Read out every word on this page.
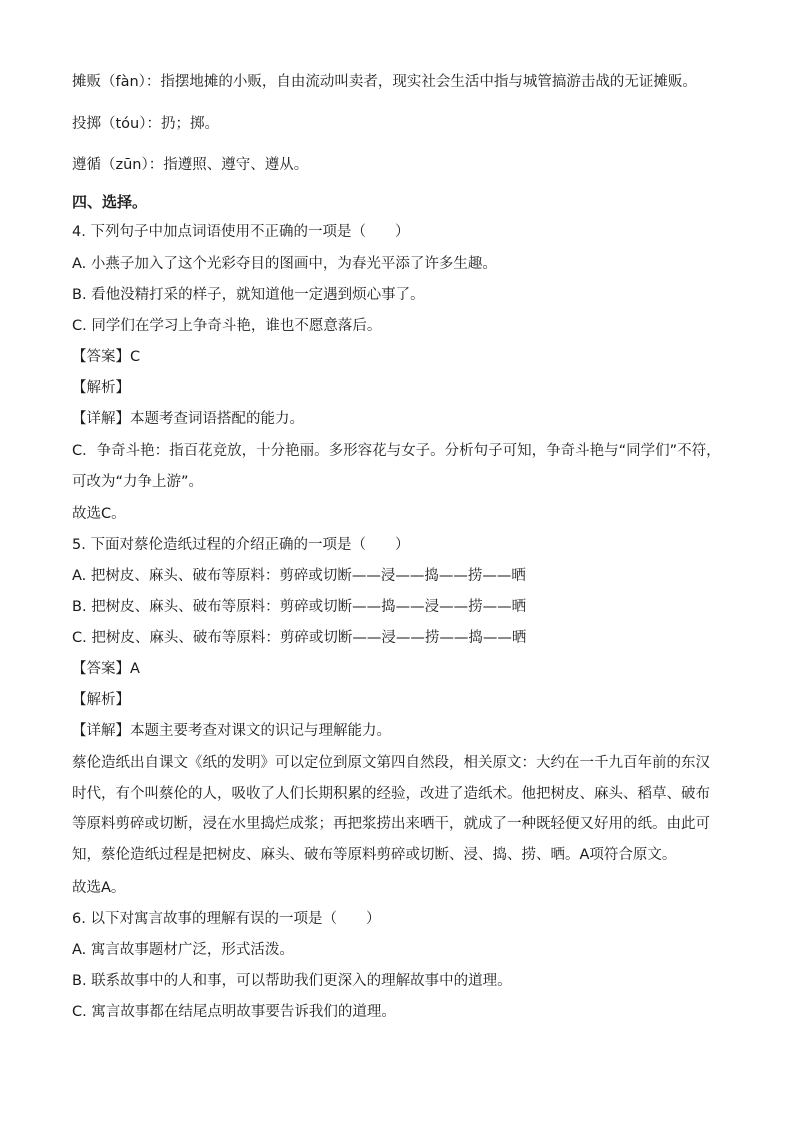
摊贩（fàn）：指摆地摊的小贩，自由流动叫卖者，现实社会生活中指与城管搞游击战的无证摊贩。
投掷（tóu）：扔；掷。
遵循（zūn）：指遵照、遵守、遵从。
四、选择。
4. 下列句子中加点词语使用不正确的一项是（　　）
A. 小燕子加入了这个光彩夺目的图画中，为春光平添了许多生趣。
B. 看他没精打采的样子，就知道他一定遇到烦心事了。
C. 同学们在学习上争奇斗艳，谁也不愿意落后。
【答案】C
【解析】
【详解】本题考查词语搭配的能力。
C．争奇斗艳：指百花竞放，十分艳丽。多形容花与女子。分析句子可知，争奇斗艳与“同学们”不符，可改为“力争上游”。
故选C。
5. 下面对蔡伦造纸过程的介绍正确的一项是（　　）
A. 把树皮、麻头、破布等原料：剪碎或切断——浸——捣——捞——晒
B. 把树皮、麻头、破布等原料：剪碎或切断——捣——浸——捞——晒
C. 把树皮、麻头、破布等原料：剪碎或切断——浸——捞——捣——晒
【答案】A
【解析】
【详解】本题主要考查对课文的识记与理解能力。
蔡伦造纸出自课文《纸的发明》可以定位到原文第四自然段，相关原文：大约在一千九百年前的东汉时代，有个叫蔡伦的人，吸收了人们长期积累的经验，改进了造纸术。他把树皮、麻头、稻草、破布等原料剪碎或切断，浸在水里捣烂成浆；再把浆捞出来晒干，就成了一种既轻便又好用的纸。由此可知，蔡伦造纸过程是把树皮、麻头、破布等原料剪碎或切断、浸、捣、捞、晒。A项符合原文。
故选A。
6. 以下对寓言故事的理解有误的一项是（　　）
A. 寓言故事题材广泛，形式活泼。
B. 联系故事中的人和事，可以帮助我们更深入的理解故事中的道理。
C. 寓言故事都在结尾点明故事要告诉我们的道理。
